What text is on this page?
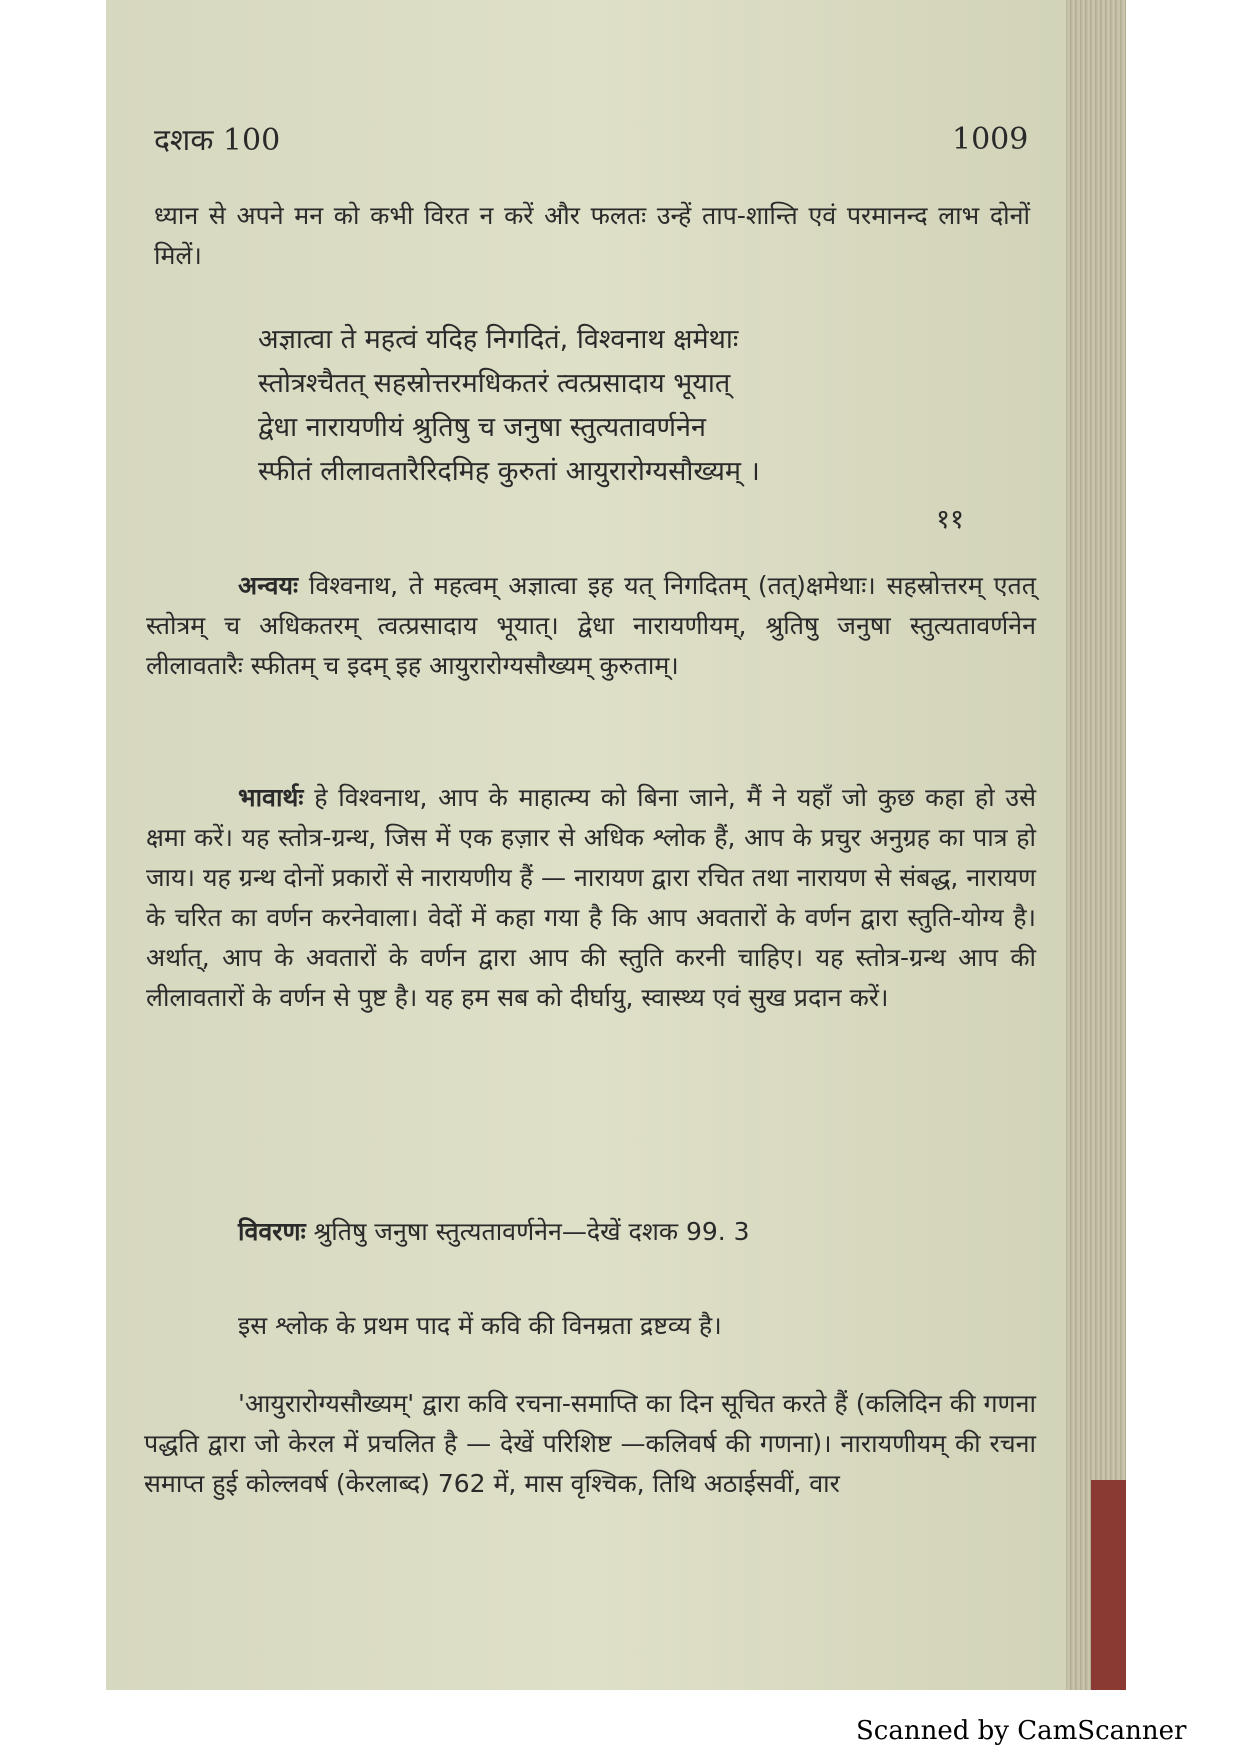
दशक 100	1009

ध्यान से अपने मन को कभी विरत न करें और फलतः उन्हें ताप-शान्ति एवं परमानन्द लाभ दोनों मिलें।

अज्ञात्वा ते महत्वं यदिह निगदितं, विश्वनाथ क्षमेथाः
स्तोत्रश्चैतत् सहस्रोत्तरमधिकतरं त्वत्प्रसादाय भूयात्
द्वेधा नारायणीयं श्रुतिषु च जनुषा स्तुत्यतावर्णनेन
स्फीतं लीलावतारैरिदमिह कुरुतां आयुरारोग्यसौख्यम् ।
११

अन्वयः विश्वनाथ, ते महत्वम् अज्ञात्वा इह यत् निगदितम् (तत्)क्षमेथाः। सहस्रोत्तरम् एतत् स्तोत्रम् च अधिकतरम् त्वत्प्रसादाय भूयात्। द्वेधा नारायणीयम्, श्रुतिषु जनुषा स्तुत्यतावर्णनेन लीलावतारैः स्फीतम् च इदम् इह आयुरारोग्यसौख्यम् कुरुताम्।

भावार्थः हे विश्वनाथ, आप के माहात्म्य को बिना जाने, मैं ने यहाँ जो कुछ कहा हो उसे क्षमा करें। यह स्तोत्र-ग्रन्थ, जिस में एक हज़ार से अधिक श्लोक हैं, आप के प्रचुर अनुग्रह का पात्र हो जाय। यह ग्रन्थ दोनों प्रकारों से नारायणीय हैं — नारायण द्वारा रचित तथा नारायण से संबद्ध, नारायण के चरित का वर्णन करनेवाला। वेदों में कहा गया है कि आप अवतारों के वर्णन द्वारा स्तुति-योग्य है। अर्थात्, आप के अवतारों के वर्णन द्वारा आप की स्तुति करनी चाहिए। यह स्तोत्र-ग्रन्थ आप की लीलावतारों के वर्णन से पुष्ट है। यह हम सब को दीर्घायु, स्वास्थ्य एवं सुख प्रदान करें।

विवरणः श्रुतिषु जनुषा स्तुत्यतावर्णनेन—देखें दशक 99. 3

इस श्लोक के प्रथम पाद में कवि की विनम्रता द्रष्टव्य है।

'आयुरारोग्यसौख्यम्' द्वारा कवि रचना-समाप्ति का दिन सूचित करते हैं (कलिदिन की गणना पद्धति द्वारा जो केरल में प्रचलित है — देखें परिशिष्ट —कलिवर्ष की गणना)। नारायणीयम् की रचना समाप्त हुई कोल्लवर्ष (केरलाब्द) 762 में, मास वृश्चिक, तिथि अठाईसवीं, वार

Scanned by CamScanner
